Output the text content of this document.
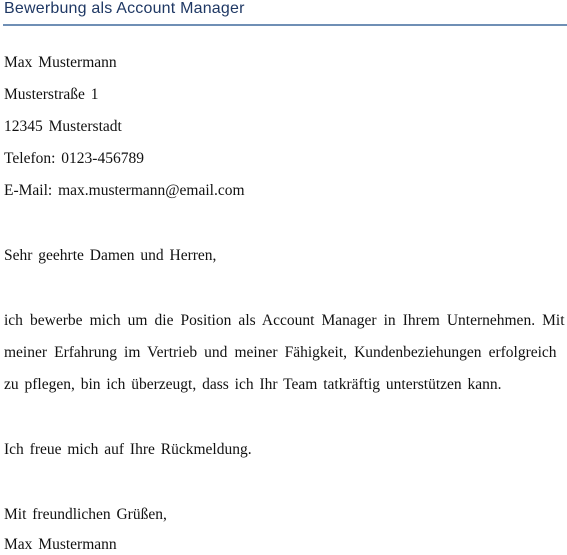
Bewerbung als Account Manager
Max Mustermann
Musterstraße 1
12345 Musterstadt
Telefon: 0123-456789
E-Mail: max.mustermann@email.com
Sehr geehrte Damen und Herren,
ich bewerbe mich um die Position als Account Manager in Ihrem Unternehmen. Mit
meiner Erfahrung im Vertrieb und meiner Fähigkeit, Kundenbeziehungen erfolgreich
zu pflegen, bin ich überzeugt, dass ich Ihr Team tatkräftig unterstützen kann.
Ich freue mich auf Ihre Rückmeldung.
Mit freundlichen Grüßen,
Max Mustermann
